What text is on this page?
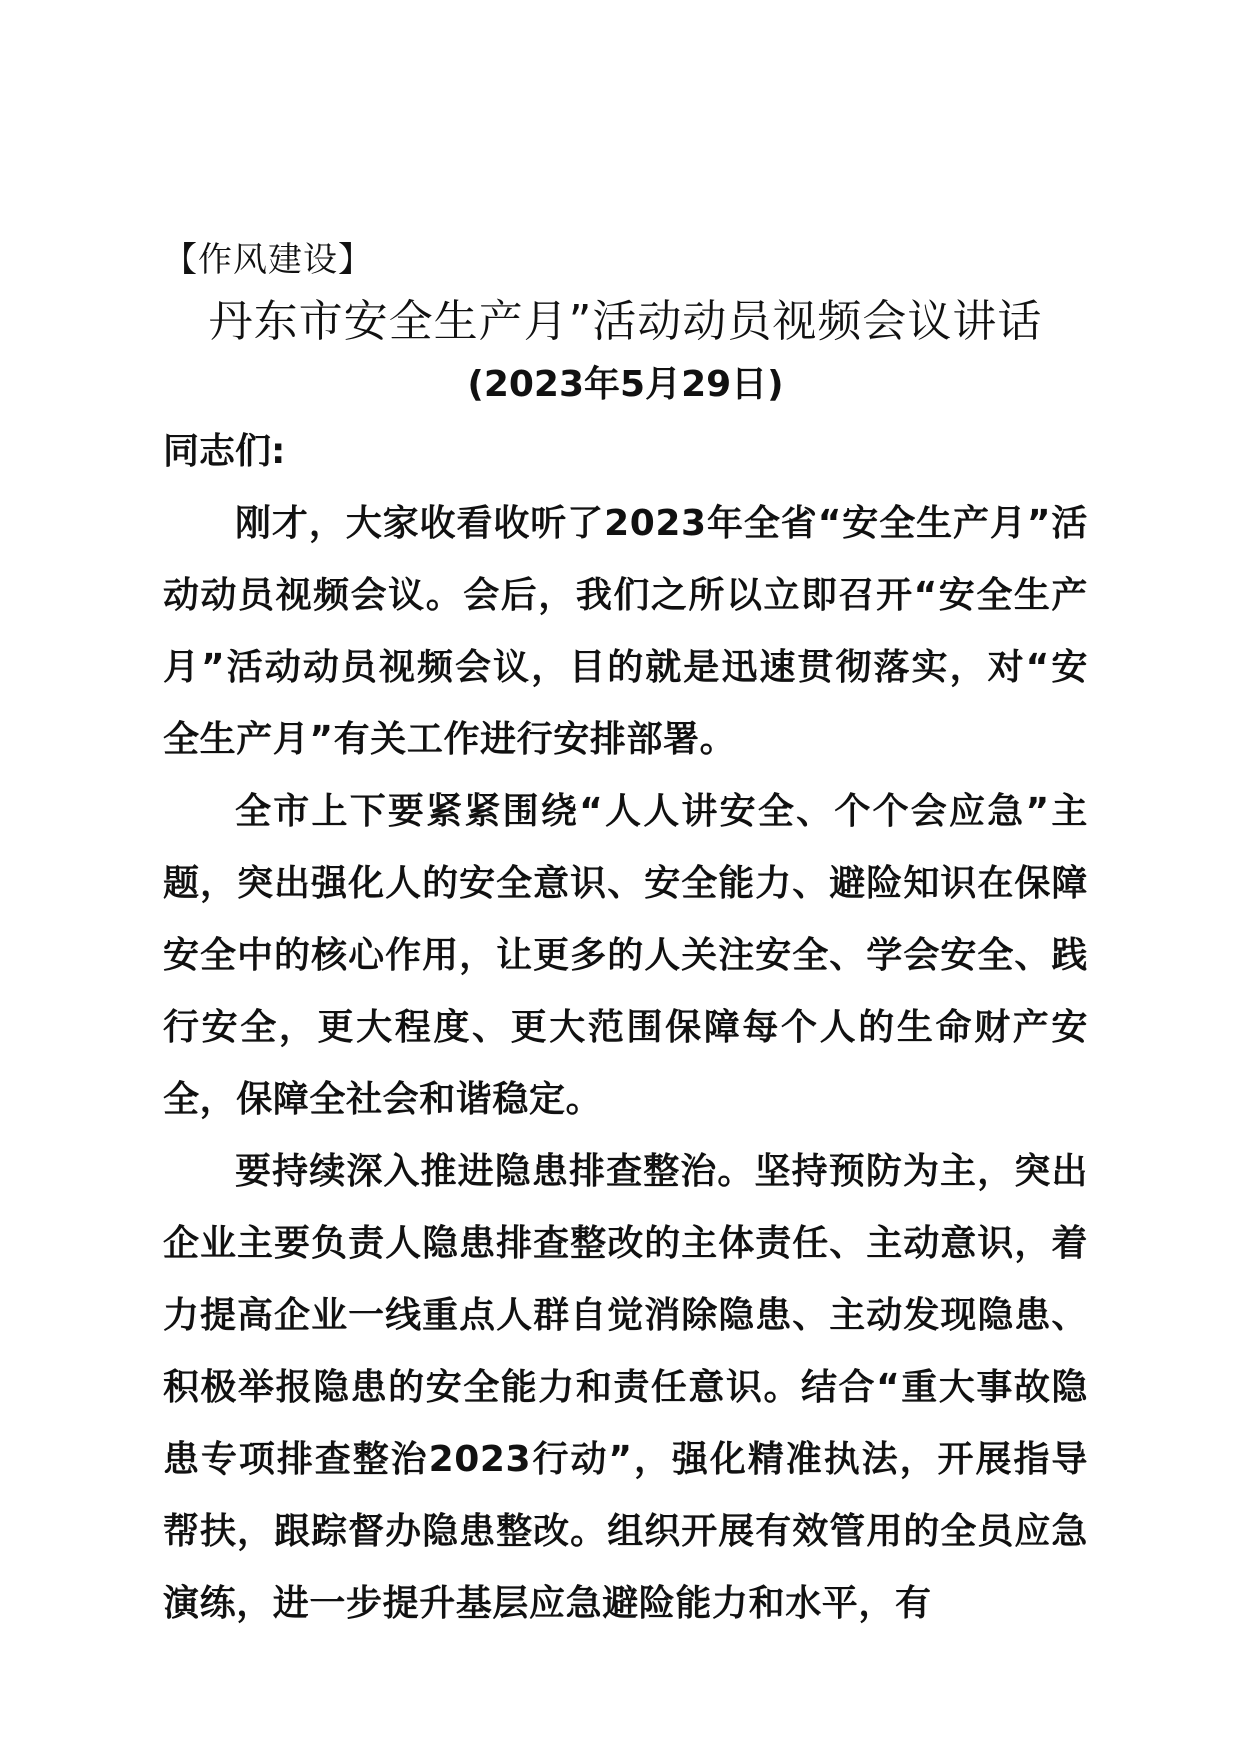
【作风建设】
丹东市安全生产月”活动动员视频会议讲话
(2023年5月29日)
同志们:

刚才，大家收看收听了2023年全省“安全生产月”活动动员视频会议。会后，我们之所以立即召开“安全生产月”活动动员视频会议，目的就是迅速贯彻落实，对“安全生产月”有关工作进行安排部署。

全市上下要紧紧围绕“人人讲安全、个个会应急”主题，突出强化人的安全意识、安全能力、避险知识在保障安全中的核心作用，让更多的人关注安全、学会安全、践行安全，更大程度、更大范围保障每个人的生命财产安全，保障全社会和谐稳定。

要持续深入推进隐患排查整治。坚持预防为主，突出企业主要负责人隐患排查整改的主体责任、主动意识，着力提高企业一线重点人群自觉消除隐患、主动发现隐患、积极举报隐患的安全能力和责任意识。结合“重大事故隐患专项排查整治2023行动”，强化精准执法，开展指导帮扶，跟踪督办隐患整改。组织开展有效管用的全员应急演练，进一步提升基层应急避险能力和水平，有
